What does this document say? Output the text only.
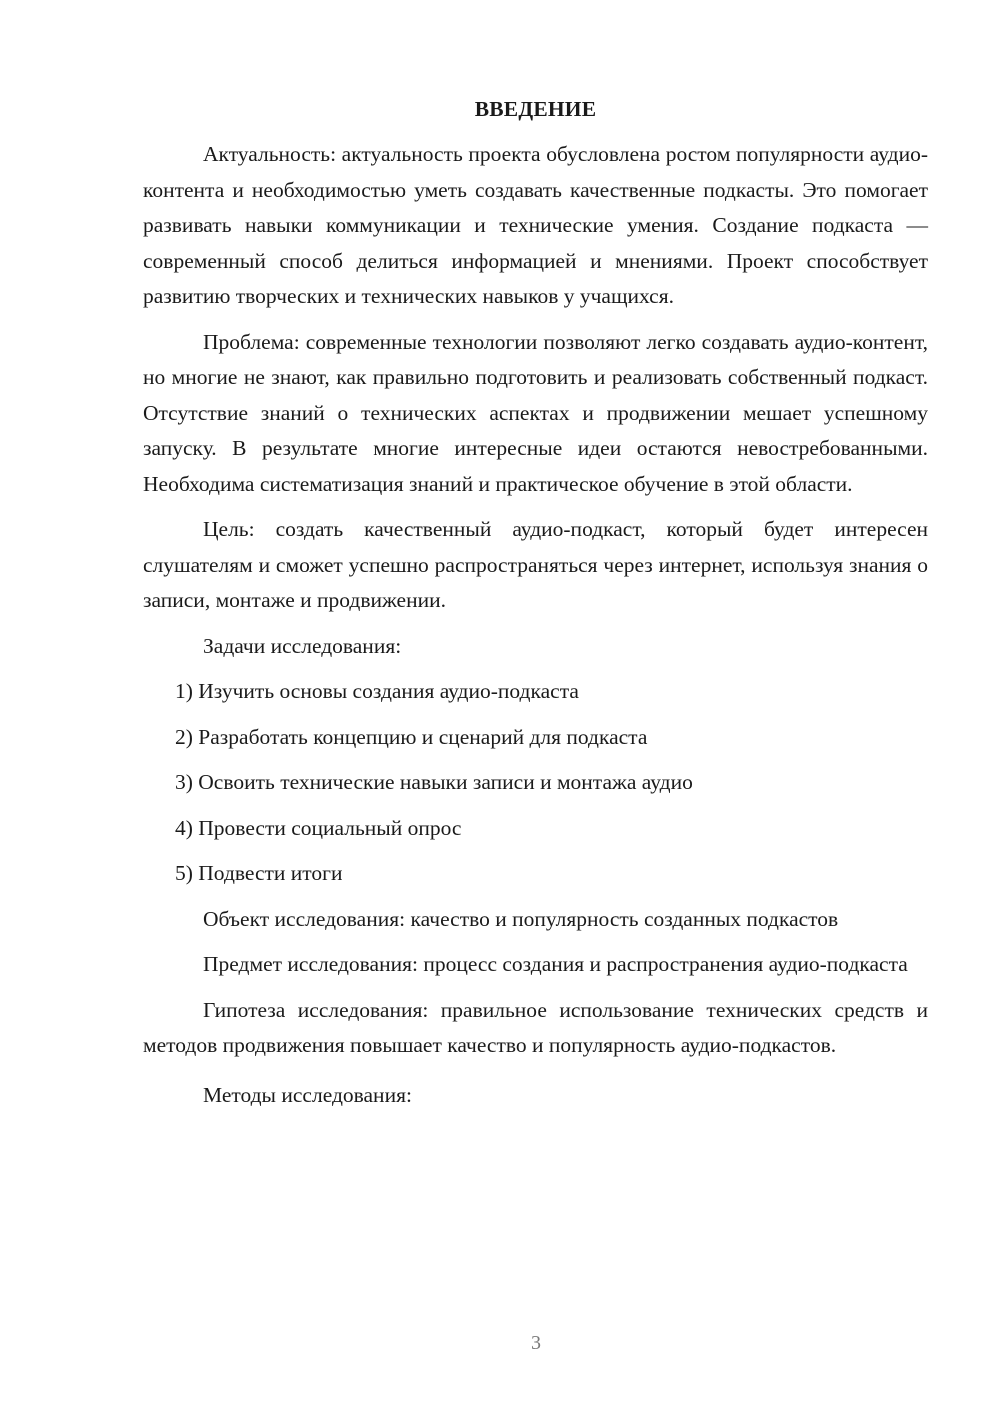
ВВЕДЕНИЕ

Актуальность: актуальность проекта обусловлена ростом популярности аудио-контента и необходимостью уметь создавать качественные подкасты. Это помогает развивать навыки коммуникации и технические умения. Создание подкаста — современный способ делиться информацией и мнениями. Проект способствует развитию творческих и технических навыков у учащихся.

Проблема: современные технологии позволяют легко создавать аудио-контент, но многие не знают, как правильно подготовить и реализовать собственный подкаст. Отсутствие знаний о технических аспектах и продвижении мешает успешному запуску. В результате многие интересные идеи остаются невостребованными. Необходима систематизация знаний и практическое обучение в этой области.

Цель: создать качественный аудио-подкаст, который будет интересен слушателям и сможет успешно распространяться через интернет, используя знания о записи, монтаже и продвижении.

Задачи исследования:

1) Изучить основы создания аудио-подкаста
2) Разработать концепцию и сценарий для подкаста
3) Освоить технические навыки записи и монтажа аудио
4) Провести социальный опрос
5) Подвести итоги

Объект исследования: качество и популярность созданных подкастов

Предмет исследования: процесс создания и распространения аудио-подкаста

Гипотеза исследования: правильное использование технических средств и методов продвижения повышает качество и популярность аудио-подкастов.

Методы исследования:

3
